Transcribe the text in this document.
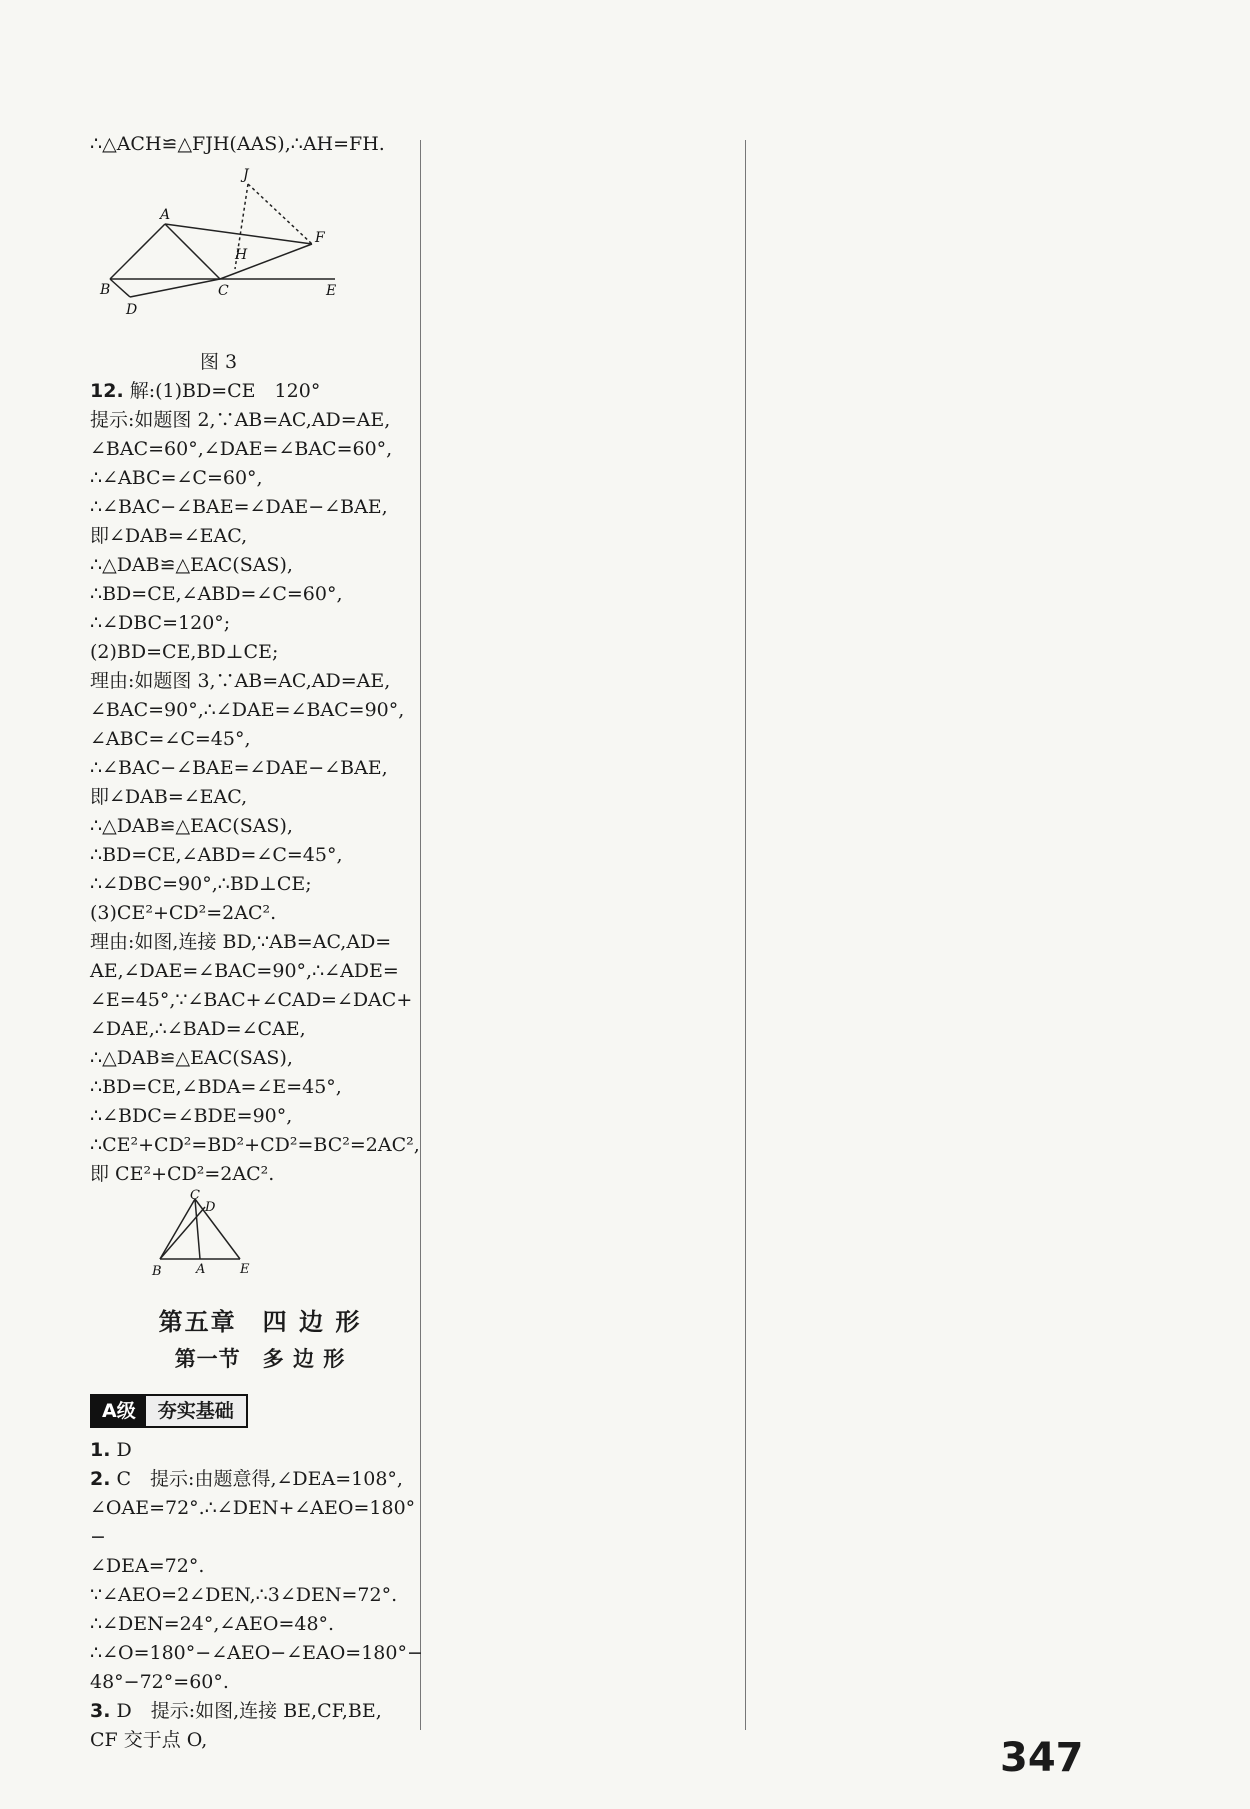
∴△ACH≌△FJH(AAS),∴AH=FH.
A
B	C
D
E
F
H
J
图 3
12. 解:(1)BD=CE　120°
提示:如题图 2,∵AB=AC,AD=AE,
∠BAC=60°,∠DAE=∠BAC=60°,
∴∠ABC=∠C=60°,
∴∠BAC−∠BAE=∠DAE−∠BAE,
即∠DAB=∠EAC,
∴△DAB≌△EAC(SAS),
∴BD=CE,∠ABD=∠C=60°,
∴∠DBC=120°;
(2)BD=CE,BD⊥CE;
理由:如题图 3,∵AB=AC,AD=AE,
∠BAC=90°,∴∠DAE=∠BAC=90°,
∠ABC=∠C=45°,
∴∠BAC−∠BAE=∠DAE−∠BAE,
即∠DAB=∠EAC,
∴△DAB≌△EAC(SAS),
∴BD=CE,∠ABD=∠C=45°,
∴∠DBC=90°,∴BD⊥CE;
(3)CE²+CD²=2AC².
理由:如图,连接 BD,∵AB=AC,AD=
AE,∠DAE=∠BAC=90°,∴∠ADE=
∠E=45°,∵∠BAC+∠CAD=∠DAC+
∠DAE,∴∠BAD=∠CAE,
∴△DAB≌△EAC(SAS),
∴BD=CE,∠BDA=∠E=45°,
∴∠BDC=∠BDE=90°,
∴CE²+CD²=BD²+CD²=BC²=2AC²,
即 CE²+CD²=2AC².
B	A	E
C
D
第五章　四 边 形
第一节　多 边 形
A级	夯实基础
1. D
2. C　提示:由题意得,∠DEA=108°,
∠OAE=72°.∴∠DEN+∠AEO=180°−
∠DEA=72°.
∵∠AEO=2∠DEN,∴3∠DEN=72°.
∴∠DEN=24°,∠AEO=48°.
∴∠O=180°−∠AEO−∠EAO=180°−
48°−72°=60°.
3. D　提示:如图,连接 BE,CF,BE,
CF 交于点 O,	347
